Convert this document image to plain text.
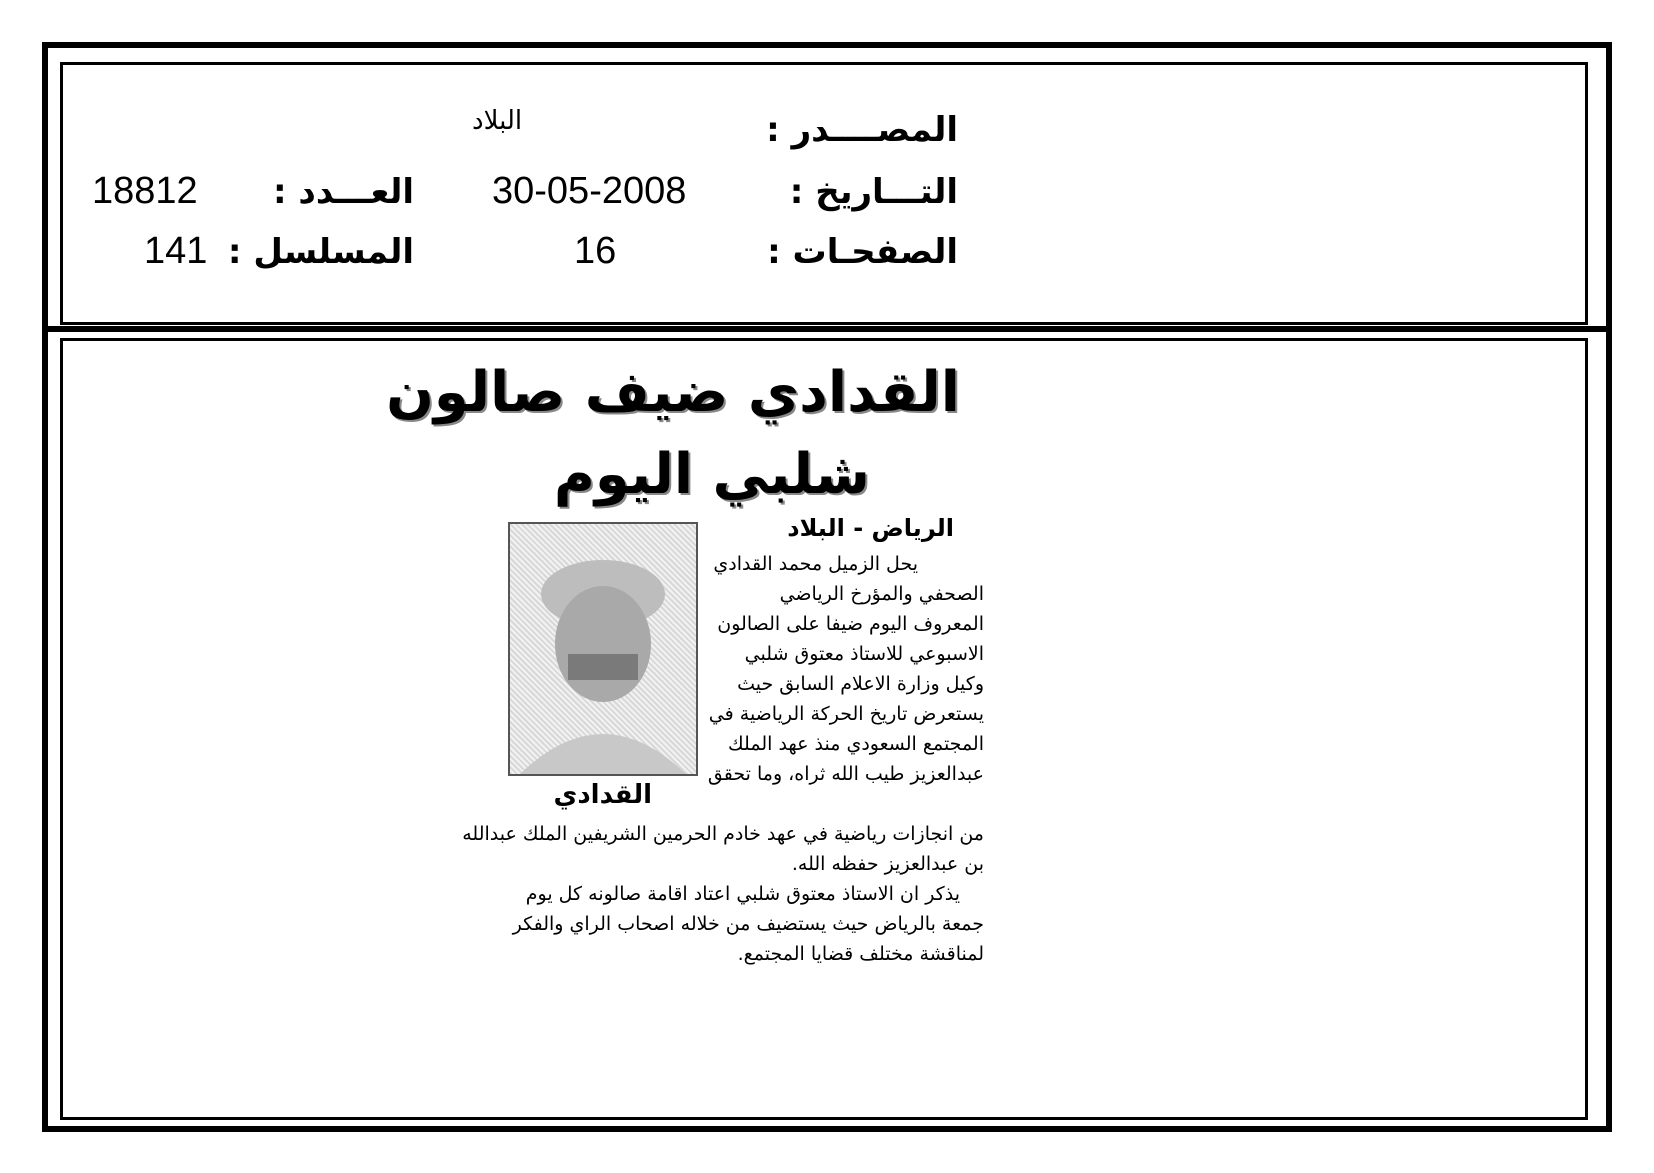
المصــــدر :
البلاد
التـــاريخ :
30-05-2008
العـــدد :
18812
الصفحـات :
16
المسلسل :
141
القدادي ضيف صالون
شلبي اليوم
الرياض - البلاد
القدادي
يحل الزميل محمد القدادي
الصحفي والمؤرخ الرياضي
المعروف اليوم ضيفا على الصالون
الاسبوعي للاستاذ معتوق شلبي
وكيل وزارة الاعلام السابق حيث
يستعرض تاريخ الحركة الرياضية في
المجتمع السعودي منذ عهد الملك
عبدالعزيز طيب الله ثراه، وما تحقق
من انجازات رياضية في عهد خادم الحرمين الشريفين الملك عبدالله
بن عبدالعزيز حفظه الله.
يذكر ان الاستاذ معتوق شلبي اعتاد اقامة صالونه كل يوم
جمعة بالرياض حيث يستضيف من خلاله اصحاب الراي والفكر
لمناقشة مختلف قضايا المجتمع.
